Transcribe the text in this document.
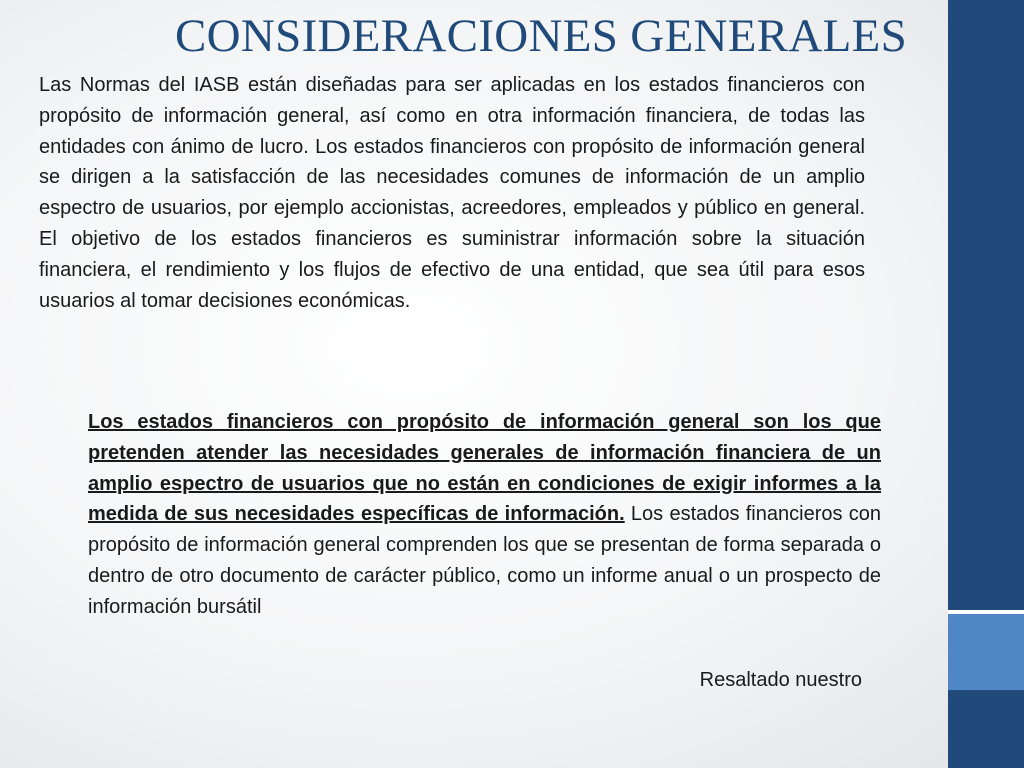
CONSIDERACIONES GENERALES

Las Normas del IASB están diseñadas para ser aplicadas en los estados financieros con propósito de información general, así como en otra información financiera, de todas las entidades con ánimo de lucro. Los estados financieros con propósito de información general se dirigen a la satisfacción de las necesidades comunes de información de un amplio espectro de usuarios, por ejemplo accionistas, acreedores, empleados y público en general. El objetivo de los estados financieros es suministrar información sobre la situación financiera, el rendimiento y los flujos de efectivo de una entidad, que sea útil para esos usuarios al tomar decisiones económicas.

Los estados financieros con propósito de información general son los que pretenden atender las necesidades generales de información financiera de un amplio espectro de usuarios que no están en condiciones de exigir informes a la medida de sus necesidades específicas de información. Los estados financieros con propósito de información general comprenden los que se presentan de forma separada o dentro de otro documento de carácter público, como un informe anual o un prospecto de información bursátil

Resaltado nuestro
